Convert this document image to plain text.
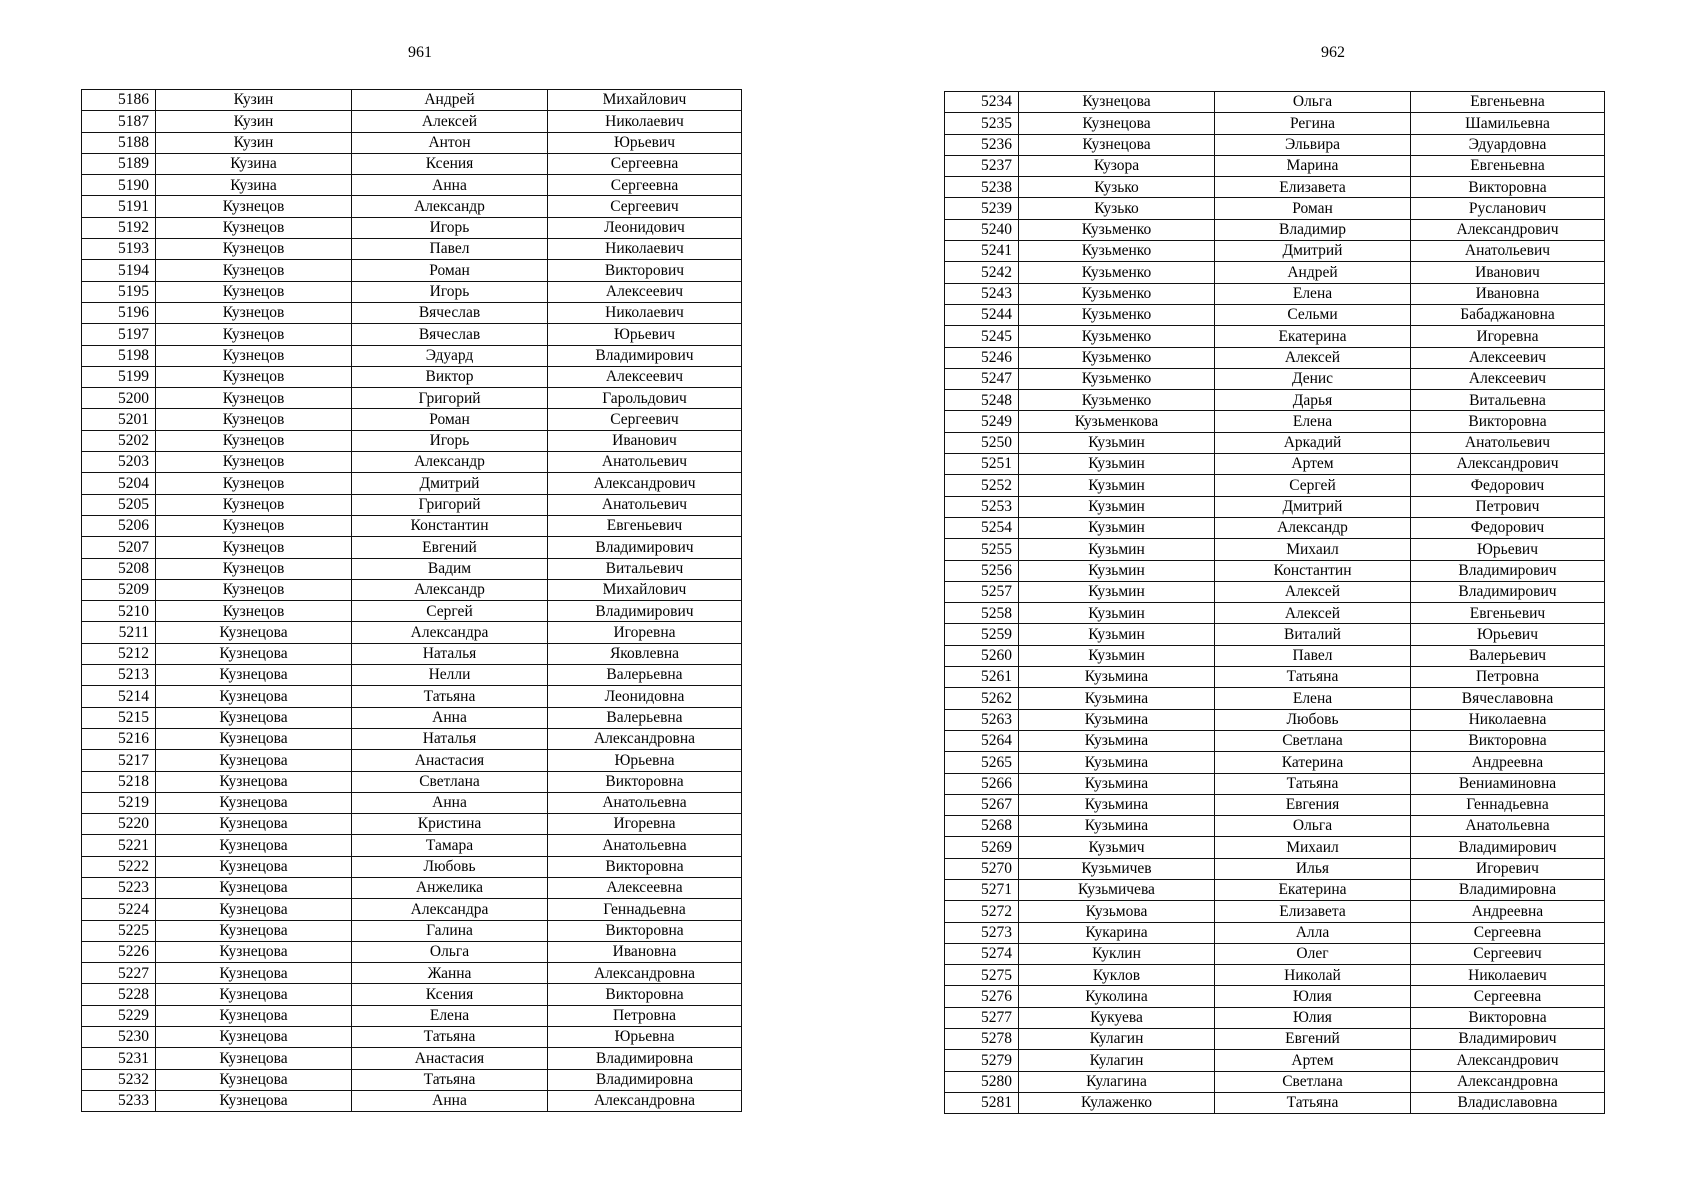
961
5186	Кузин	Андрей	Михайлович
5187	Кузин	Алексей	Николаевич
5188	Кузин	Антон	Юрьевич
5189	Кузина	Ксения	Сергеевна
5190	Кузина	Анна	Сергеевна
5191	Кузнецов	Александр	Сергеевич
5192	Кузнецов	Игорь	Леонидович
5193	Кузнецов	Павел	Николаевич
5194	Кузнецов	Роман	Викторович
5195	Кузнецов	Игорь	Алексеевич
5196	Кузнецов	Вячеслав	Николаевич
5197	Кузнецов	Вячеслав	Юрьевич
5198	Кузнецов	Эдуард	Владимирович
5199	Кузнецов	Виктор	Алексеевич
5200	Кузнецов	Григорий	Гарольдович
5201	Кузнецов	Роман	Сергеевич
5202	Кузнецов	Игорь	Иванович
5203	Кузнецов	Александр	Анатольевич
5204	Кузнецов	Дмитрий	Александрович
5205	Кузнецов	Григорий	Анатольевич
5206	Кузнецов	Константин	Евгеньевич
5207	Кузнецов	Евгений	Владимирович
5208	Кузнецов	Вадим	Витальевич
5209	Кузнецов	Александр	Михайлович
5210	Кузнецов	Сергей	Владимирович
5211	Кузнецова	Александра	Игоревна
5212	Кузнецова	Наталья	Яковлевна
5213	Кузнецова	Нелли	Валерьевна
5214	Кузнецова	Татьяна	Леонидовна
5215	Кузнецова	Анна	Валерьевна
5216	Кузнецова	Наталья	Александровна
5217	Кузнецова	Анастасия	Юрьевна
5218	Кузнецова	Светлана	Викторовна
5219	Кузнецова	Анна	Анатольевна
5220	Кузнецова	Кристина	Игоревна
5221	Кузнецова	Тамара	Анатольевна
5222	Кузнецова	Любовь	Викторовна
5223	Кузнецова	Анжелика	Алексеевна
5224	Кузнецова	Александра	Геннадьевна
5225	Кузнецова	Галина	Викторовна
5226	Кузнецова	Ольга	Ивановна
5227	Кузнецова	Жанна	Александровна
5228	Кузнецова	Ксения	Викторовна
5229	Кузнецова	Елена	Петровна
5230	Кузнецова	Татьяна	Юрьевна
5231	Кузнецова	Анастасия	Владимировна
5232	Кузнецова	Татьяна	Владимировна
5233	Кузнецова	Анна	Александровна
962
5234	Кузнецова	Ольга	Евгеньевна
5235	Кузнецова	Регина	Шамильевна
5236	Кузнецова	Эльвира	Эдуардовна
5237	Кузора	Марина	Евгеньевна
5238	Кузько	Елизавета	Викторовна
5239	Кузько	Роман	Русланович
5240	Кузьменко	Владимир	Александрович
5241	Кузьменко	Дмитрий	Анатольевич
5242	Кузьменко	Андрей	Иванович
5243	Кузьменко	Елена	Ивановна
5244	Кузьменко	Сельми	Бабаджановна
5245	Кузьменко	Екатерина	Игоревна
5246	Кузьменко	Алексей	Алексеевич
5247	Кузьменко	Денис	Алексеевич
5248	Кузьменко	Дарья	Витальевна
5249	Кузьменкова	Елена	Викторовна
5250	Кузьмин	Аркадий	Анатольевич
5251	Кузьмин	Артем	Александрович
5252	Кузьмин	Сергей	Федорович
5253	Кузьмин	Дмитрий	Петрович
5254	Кузьмин	Александр	Федорович
5255	Кузьмин	Михаил	Юрьевич
5256	Кузьмин	Константин	Владимирович
5257	Кузьмин	Алексей	Владимирович
5258	Кузьмин	Алексей	Евгеньевич
5259	Кузьмин	Виталий	Юрьевич
5260	Кузьмин	Павел	Валерьевич
5261	Кузьмина	Татьяна	Петровна
5262	Кузьмина	Елена	Вячеславовна
5263	Кузьмина	Любовь	Николаевна
5264	Кузьмина	Светлана	Викторовна
5265	Кузьмина	Катерина	Андреевна
5266	Кузьмина	Татьяна	Вениаминовна
5267	Кузьмина	Евгения	Геннадьевна
5268	Кузьмина	Ольга	Анатольевна
5269	Кузьмич	Михаил	Владимирович
5270	Кузьмичев	Илья	Игоревич
5271	Кузьмичева	Екатерина	Владимировна
5272	Кузьмова	Елизавета	Андреевна
5273	Кукарина	Алла	Сергеевна
5274	Куклин	Олег	Сергеевич
5275	Куклов	Николай	Николаевич
5276	Куколина	Юлия	Сергеевна
5277	Кукуева	Юлия	Викторовна
5278	Кулагин	Евгений	Владимирович
5279	Кулагин	Артем	Александрович
5280	Кулагина	Светлана	Александровна
5281	Кулаженко	Татьяна	Владиславовна
